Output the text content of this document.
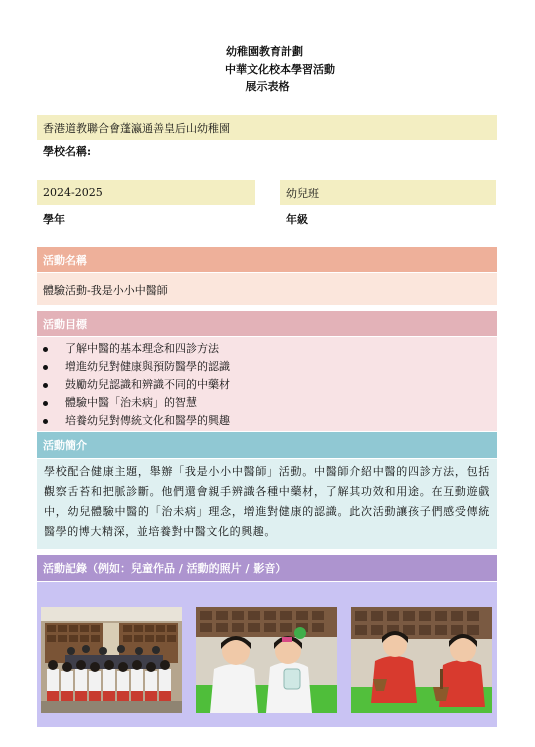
幼稚園教育計劃
中華文化校本學習活動
展示表格
香港道教聯合會蓬瀛通善皇后山幼稚園
學校名稱:
2024-2025
學年
幼兒班
年級
活動名稱
體驗活動-我是小小中醫師
活動目標
了解中醫的基本理念和四診方法
增進幼兒對健康與預防醫學的認識
鼓勵幼兒認識和辨識不同的中藥材
體驗中醫「治未病」的智慧
培養幼兒對傳統文化和醫學的興趣
活動簡介
學校配合健康主題，舉辦「我是小小中醫師」活動。中醫師介紹中醫的四診方法，包括觀察舌苔和把脈診斷。他們還會親手辨識各種中藥材，了解其功效和用途。在互動遊戲中，幼兒體驗中醫的「治未病」理念，增進對健康的認識。此次活動讓孩子們感受傳統醫學的博大精深，並培養對中醫文化的興趣。
活動記錄（例如：兒童作品 / 活動的照片 / 影音）
